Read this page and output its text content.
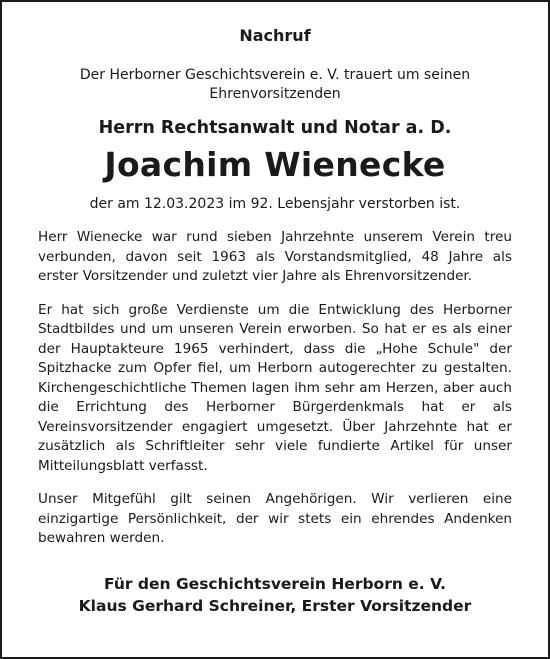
Nachruf
Der Herborner Geschichtsverein e. V. trauert um seinen Ehrenvorsitzenden
Herrn Rechtsanwalt und Notar a. D.
Joachim Wienecke
der am 12.03.2023 im 92. Lebensjahr verstorben ist.

Herr Wienecke war rund sieben Jahrzehnte unserem Verein treu verbunden, davon seit 1963 als Vorstandsmitglied, 48 Jahre als erster Vorsitzender und zuletzt vier Jahre als Ehrenvorsitzender.

Er hat sich große Verdienste um die Entwicklung des Herborner Stadtbildes und um unseren Verein erworben. So hat er es als einer der Hauptakteure 1965 verhindert, dass die „Hohe Schule" der Spitzhacke zum Opfer fiel, um Herborn autogerechter zu gestalten. Kirchengeschichtliche Themen lagen ihm sehr am Herzen, aber auch die Errichtung des Herborner Bürgerdenkmals hat er als Vereinsvorsitzender engagiert umgesetzt. Über Jahrzehnte hat er zusätzlich als Schriftleiter sehr viele fundierte Artikel für unser Mitteilungsblatt verfasst.

Unser Mitgefühl gilt seinen Angehörigen. Wir verlieren eine einzigartige Persönlichkeit, der wir stets ein ehrendes Andenken bewahren werden.

Für den Geschichtsverein Herborn e. V.
Klaus Gerhard Schreiner, Erster Vorsitzender
